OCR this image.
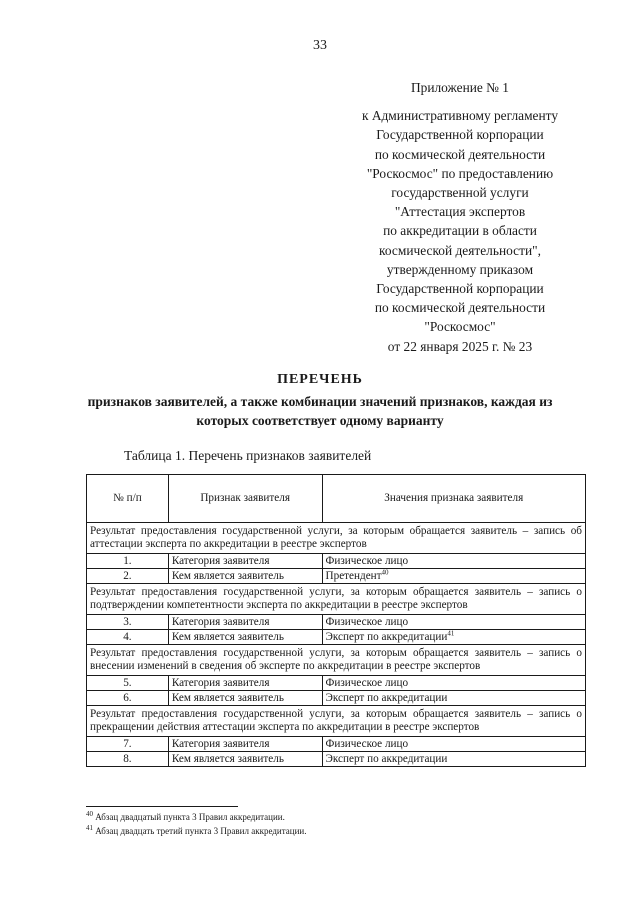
33
Приложение № 1
к Административному регламенту
Государственной корпорации
по космической деятельности
"Роскосмос" по предоставлению
государственной услуги
"Аттестация экспертов
по аккредитации в области
космической деятельности",
утвержденному приказом
Государственной корпорации
по космической деятельности
"Роскосмос"
от 22 января 2025 г. № 23
ПЕРЕЧЕНЬ
признаков заявителей, а также комбинации значений признаков, каждая из которых соответствует одному варианту
Таблица 1. Перечень признаков заявителей
№ п/п	Признак заявителя	Значения признака заявителя
Результат предоставления государственной услуги, за которым обращается заявитель – запись об аттестации эксперта по аккредитации в реестре экспертов		
1.	Категория заявителя	Физическое лицо
2.	Кем является заявитель	Претендент$^{40}$
Результат предоставления государственной услуги, за которым обращается заявитель – запись о подтверждении компетентности эксперта по аккредитации в реестре экспертов		
3.	Категория заявителя	Физическое лицо
4.	Кем является заявитель	Эксперт по аккредитации$^{41}$
Результат предоставления государственной услуги, за которым обращается заявитель – запись о внесении изменений в сведения об эксперте по аккредитации в реестре экспертов		
5.	Категория заявителя	Физическое лицо
6.	Кем является заявитель	Эксперт по аккредитации
Результат предоставления государственной услуги, за которым обращается заявитель – запись о прекращении действия аттестации эксперта по аккредитации в реестре экспертов		
7.	Категория заявителя	Физическое лицо
8.	Кем является заявитель	Эксперт по аккредитации
$^{40}$ Абзац двадцатый пункта 3 Правил аккредитации.
$^{41}$ Абзац двадцать третий пункта 3 Правил аккредитации.
